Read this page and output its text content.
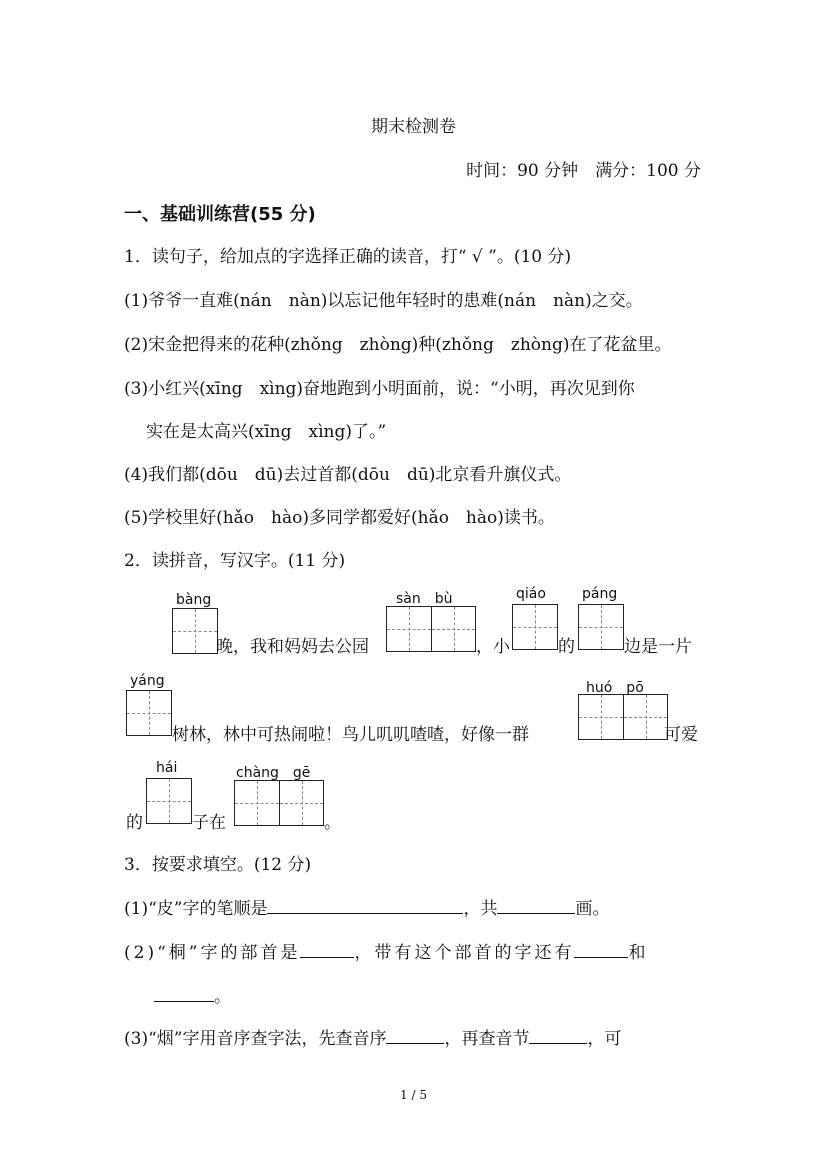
期末检测卷
时间：90 分钟　满分：100 分
一、基础训练营(55 分)
1．读句子，给加点的字选择正确的读音，打“ √ ”。(10 分)
(1)爷爷一直难(nán　nàn)以忘记他年轻时的患难(nán　nàn)之交。
(2)宋金把得来的花种(zhǒng　zhòng)种(zhǒng　zhòng)在了花盆里。
(3)小红兴(xīng　xìng)奋地跑到小明面前，说：“小明，再次见到你
实在是太高兴(xīng　xìng)了。”
(4)我们都(dōu　dū)去过首都(dōu　dū)北京看升旗仪式。
(5)学校里好(hǎo　hào)多同学都爱好(hǎo　hào)读书。
2．读拼音，写汉字。(11 分)
bàng
晚，我和妈妈去公园
sàn　bù
，小
qiáo
的
páng
边是一片
yáng
树林，林中可热闹啦！鸟儿叽叽喳喳，好像一群
huó　pō
可爱
的
hái
子在
chàng　gē
。
3．按要求填空。(12 分)
(1)“皮”字的笔顺是	，共	画。
(2)“桐”字的部首是	，带有这个部首的字还有	和
。
(3)“烟”字用音序查字法，先查音序	，再查音节	，可
1 / 5
